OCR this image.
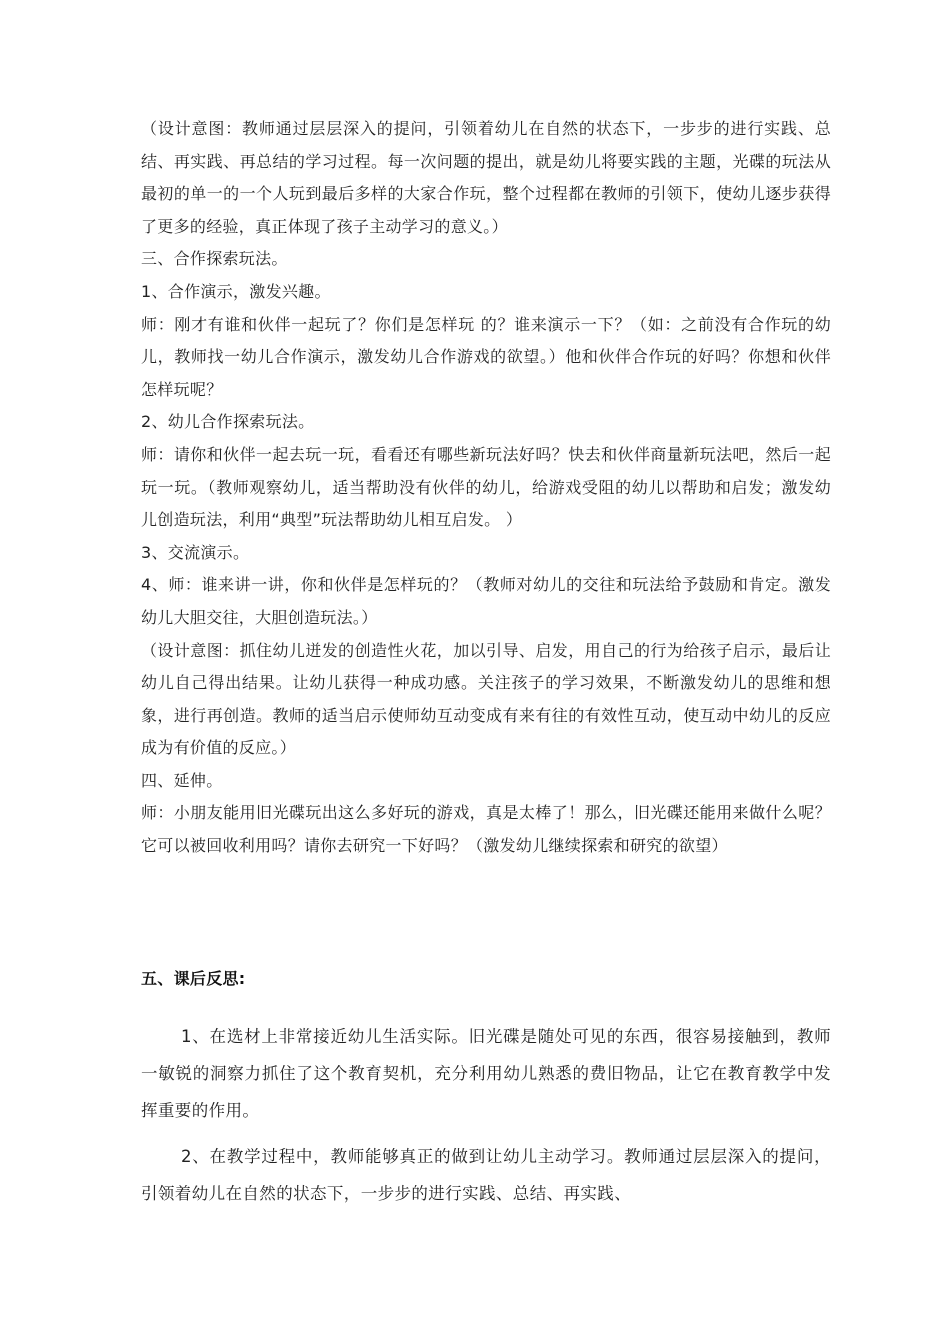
（设计意图：教师通过层层深入的提问，引领着幼儿在自然的状态下，一步步的进行实践、总结、再实践、再总结的学习过程。每一次问题的提出，就是幼儿将要实践的主题，光碟的玩法从最初的单一的一个人玩到最后多样的大家合作玩，整个过程都在教师的引领下，使幼儿逐步获得了更多的经验，真正体现了孩子主动学习的意义。）

三、合作探索玩法。

1、合作演示，激发兴趣。

师：刚才有谁和伙伴一起玩了？你们是怎样玩 的？谁来演示一下？（如：之前没有合作玩的幼儿，教师找一幼儿合作演示，激发幼儿合作游戏的欲望。）他和伙伴合作玩的好吗？你想和伙伴怎样玩呢？

2、幼儿合作探索玩法。

师：请你和伙伴一起去玩一玩，看看还有哪些新玩法好吗？快去和伙伴商量新玩法吧，然后一起玩一玩。（教师观察幼儿，适当帮助没有伙伴的幼儿，给游戏受阻的幼儿以帮助和启发；激发幼儿创造玩法，利用“典型”玩法帮助幼儿相互启发。 ）

3、交流演示。

4、师：谁来讲一讲，你和伙伴是怎样玩的？（教师对幼儿的交往和玩法给予鼓励和肯定。激发幼儿大胆交往，大胆创造玩法。）

（设计意图：抓住幼儿迸发的创造性火花，加以引导、启发，用自己的行为给孩子启示，最后让幼儿自己得出结果。让幼儿获得一种成功感。关注孩子的学习效果，不断激发幼儿的思维和想象，进行再创造。教师的适当启示使师幼互动变成有来有往的有效性互动，使互动中幼儿的反应成为有价值的反应。）

四、延伸。

师：小朋友能用旧光碟玩出这么多好玩的游戏，真是太棒了！那么，旧光碟还能用来做什么呢？它可以被回收利用吗？请你去研究一下好吗？（激发幼儿继续探索和研究的欲望）

五、课后反思:

1、在选材上非常接近幼儿生活实际。旧光碟是随处可见的东西，很容易接触到，教师一敏锐的洞察力抓住了这个教育契机，充分利用幼儿熟悉的费旧物品，让它在教育教学中发挥重要的作用。

2、在教学过程中，教师能够真正的做到让幼儿主动学习。教师通过层层深入的提问，引领着幼儿在自然的状态下，一步步的进行实践、总结、再实践、
